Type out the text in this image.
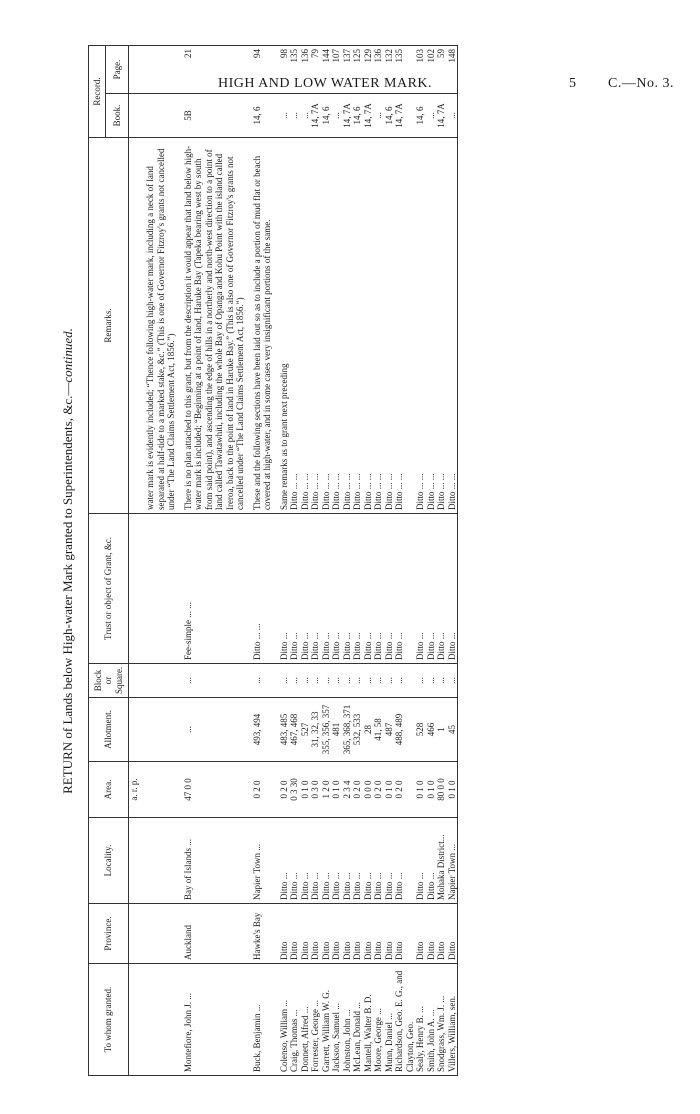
HIGH AND LOW WATER MARK.	5 C.—No. 3.
RETURN of Lands below High-water Mark granted to Superintendents, &c.—continued.
To whom granted.	Province.	Locality.	Area.	Allotment.	Block or Square.	Trust or object of Grant, &c.	Remarks.	Record.	
								Book.	Page.
			a. r. p.						
							water mark is evidently included; “Thence following high-water mark, including a neck of land separated at half-tide to a marked stake, &c.” (This is one of Governor Fitzroy's grants not cancelled under “The Land Claims Settlement Act, 1856.”)		

Montefiore, John J. ...	Auckland	Bay of Islands ...	47 0 0	...	...	Fee-simple ... ...	There is no plan attached to this grant, but from the description it would appear that land below high-water mark is included; “Beginning at a point of land, Haruke Bay (Tapeka bearing west by south from said point), and ascending the edge of hills in a northerly and north-west direction to a point of land called Tawatawhiti, including the whole Bay of Opanga and Kohu Point with the island called Ireroa, back to the point of land in Haruke Bay.” (This is also one of Governor Fitzroy's grants not cancelled under “The Land Claims Settlement Act, 1856.”)	5B	21

Buck, Benjamin ...	Hawke's Bay	Napier Town ...	0 2 0	493, 494	...	Ditto ... ...	These and the following sections have been laid out so as to include a portion of mud flat or beach covered at high-water, and in some cases very insignificant portions of the same.	14, 6	94

Colenso, William ...	Ditto	Ditto ...	0 2 0	483, 485	...	Ditto ...	Same remarks as to grant next preceding	...	98
Craig, Thomas ...	Ditto	Ditto ...	0 3 30	467, 468	...	Ditto ...	Ditto ... ...	...	135
Donnett, Alfred ...	Ditto	Ditto ...	0 1 0	527	...	Ditto ...	Ditto ... ...	...	136
Forrester, George ...	Ditto	Ditto ...	0 3 0	31, 32, 33	...	Ditto ...	Ditto ... ...	14, 7A	79
Garrett, William W. G.	Ditto	Ditto ...	1 2 0	355, 356, 357	...	Ditto ...	Ditto ... ...	14, 6	144
Jackson, Samuel ...	Ditto	Ditto ...	0 1 0	481	...	Ditto ...	Ditto ... ...	...	107
Johnston, John ...	Ditto	Ditto ...	2 3 4	365, 368, 371	...	Ditto ...	Ditto ... ...	14, 7A	137
McLean, Donald ...	Ditto	Ditto ...	0 2 0	532, 533	...	Ditto ...	Ditto ... ...	14, 6	125
Mantell, Walter B. D.	Ditto	Ditto ...	0 0 0	28	...	Ditto ...	Ditto ... ...	14, 7A	129
Moore, George ...	Ditto	Ditto ...	0 2 0	41, 58	...	Ditto ...	Ditto ... ...	...	136
Munn, Daniel ...	Ditto	Ditto ...	0 1 0	487	...	Ditto ...	Ditto ... ...	14, 6	132
Richardson, Geo. E. G., and Clayton, Geo.	Ditto	Ditto ...	0 2 0	488, 489	...	Ditto ...	Ditto ... ...	14, 7A	135
Sealy, Henry B. ...	Ditto	Ditto ...	0 1 0	528	...	Ditto ...	Ditto ... ...	14, 6	103
Smith, John A. ...	Ditto	Ditto ...	0 1 0	466	...	Ditto ...	Ditto ... ...	...	102
Snodgrass, Wm. J. ...	Ditto	Mohaka District...	80 0 0	1	...	Ditto ...	Ditto ... ...	14, 7A	59
Villers, William, sen.	Ditto	Napier Town ...	0 1 0	45	...	Ditto ...	Ditto ... ...	...	148
